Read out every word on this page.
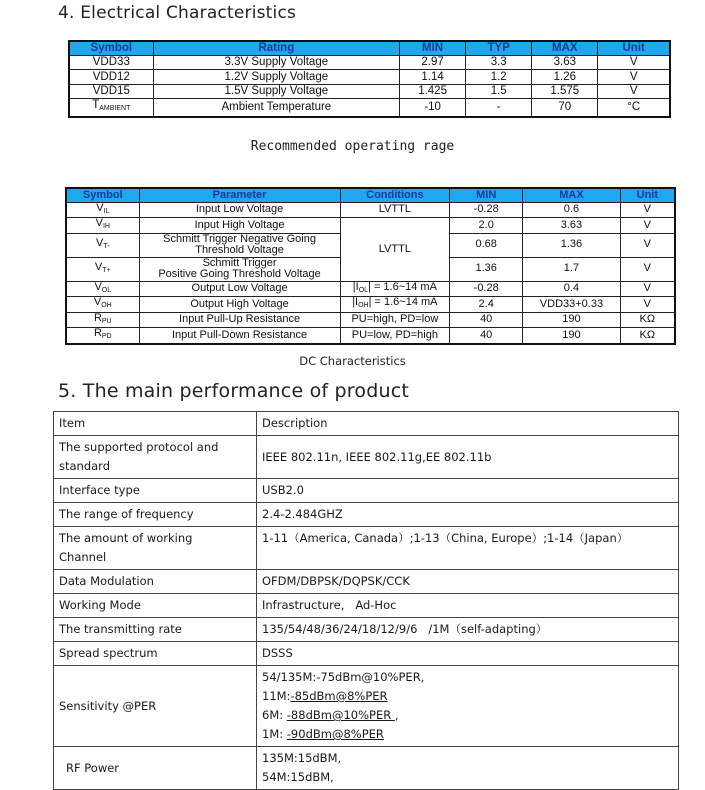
4. Electrical Characteristics
Symbol	Rating	MIN	TYP	MAX	Unit
VDD33	3.3V Supply Voltage	2.97	3.3	3.63	V
VDD12	1.2V Supply Voltage	1.14	1.2	1.26	V
VDD15	1.5V Supply Voltage	1.425	1.5	1.575	V
$T_{AMBIENT}$	Ambient Temperature	-10	-	70	°C
Recommended operating rage
Symbol	Parameter	Conditions	MIN	MAX	Unit
$V_{IL}$	Input Low Voltage	LVTTL	-0.28	0.6	V
$V_{IH}$	Input High Voltage	LVTTL	2.0	3.63	V
$V_{T-}$	Schmitt Trigger Negative Going
Threshold Voltage		0.68	1.36	V
$V_{T+}$	Schmitt Trigger
Positive Going Threshold Voltage		1.36	1.7	V
$V_{OL}$	Output Low Voltage	$|I_{OL}|$ = 1.6~14 mA	-0.28	0.4	V
$V_{OH}$	Output High Voltage	$|I_{OH}|$ = 1.6~14 mA	2.4	VDD33+0.33	V
$R_{PU}$	Input Pull-Up Resistance	PU=high, PD=low	40	190	KΩ
$R_{PD}$	Input Pull-Down Resistance	PU=low, PD=high	40	190	KΩ
DC Characteristics
5. The main performance of product
Item	Description

The supported protocol and
standard	IEEE 802.11n, IEEE 802.11g,EE 802.11b
Interface type	USB2.0
The range of frequency	2.4-2.484GHZ

The amount of working
Channel	1-11（America, Canada）;1-13（China, Europe）;1-14（Japan）
Data Modulation	OFDM/DBPSK/DQPSK/CCK
Working Mode	Infrastructure,   Ad-Hoc
The transmitting rate	135/54/48/36/24/18/12/9/6   /1M（self-adapting）
Spread spectrum	DSSS
Sensitivity @PER	54/135M:-75dBm@10%PER,
11M:-85dBm@8%PER
6M: -88dBm@10%PER ,
1M: -90dBm@8%PER

RF Power	135M:15dBM,
54M:15dBM,
